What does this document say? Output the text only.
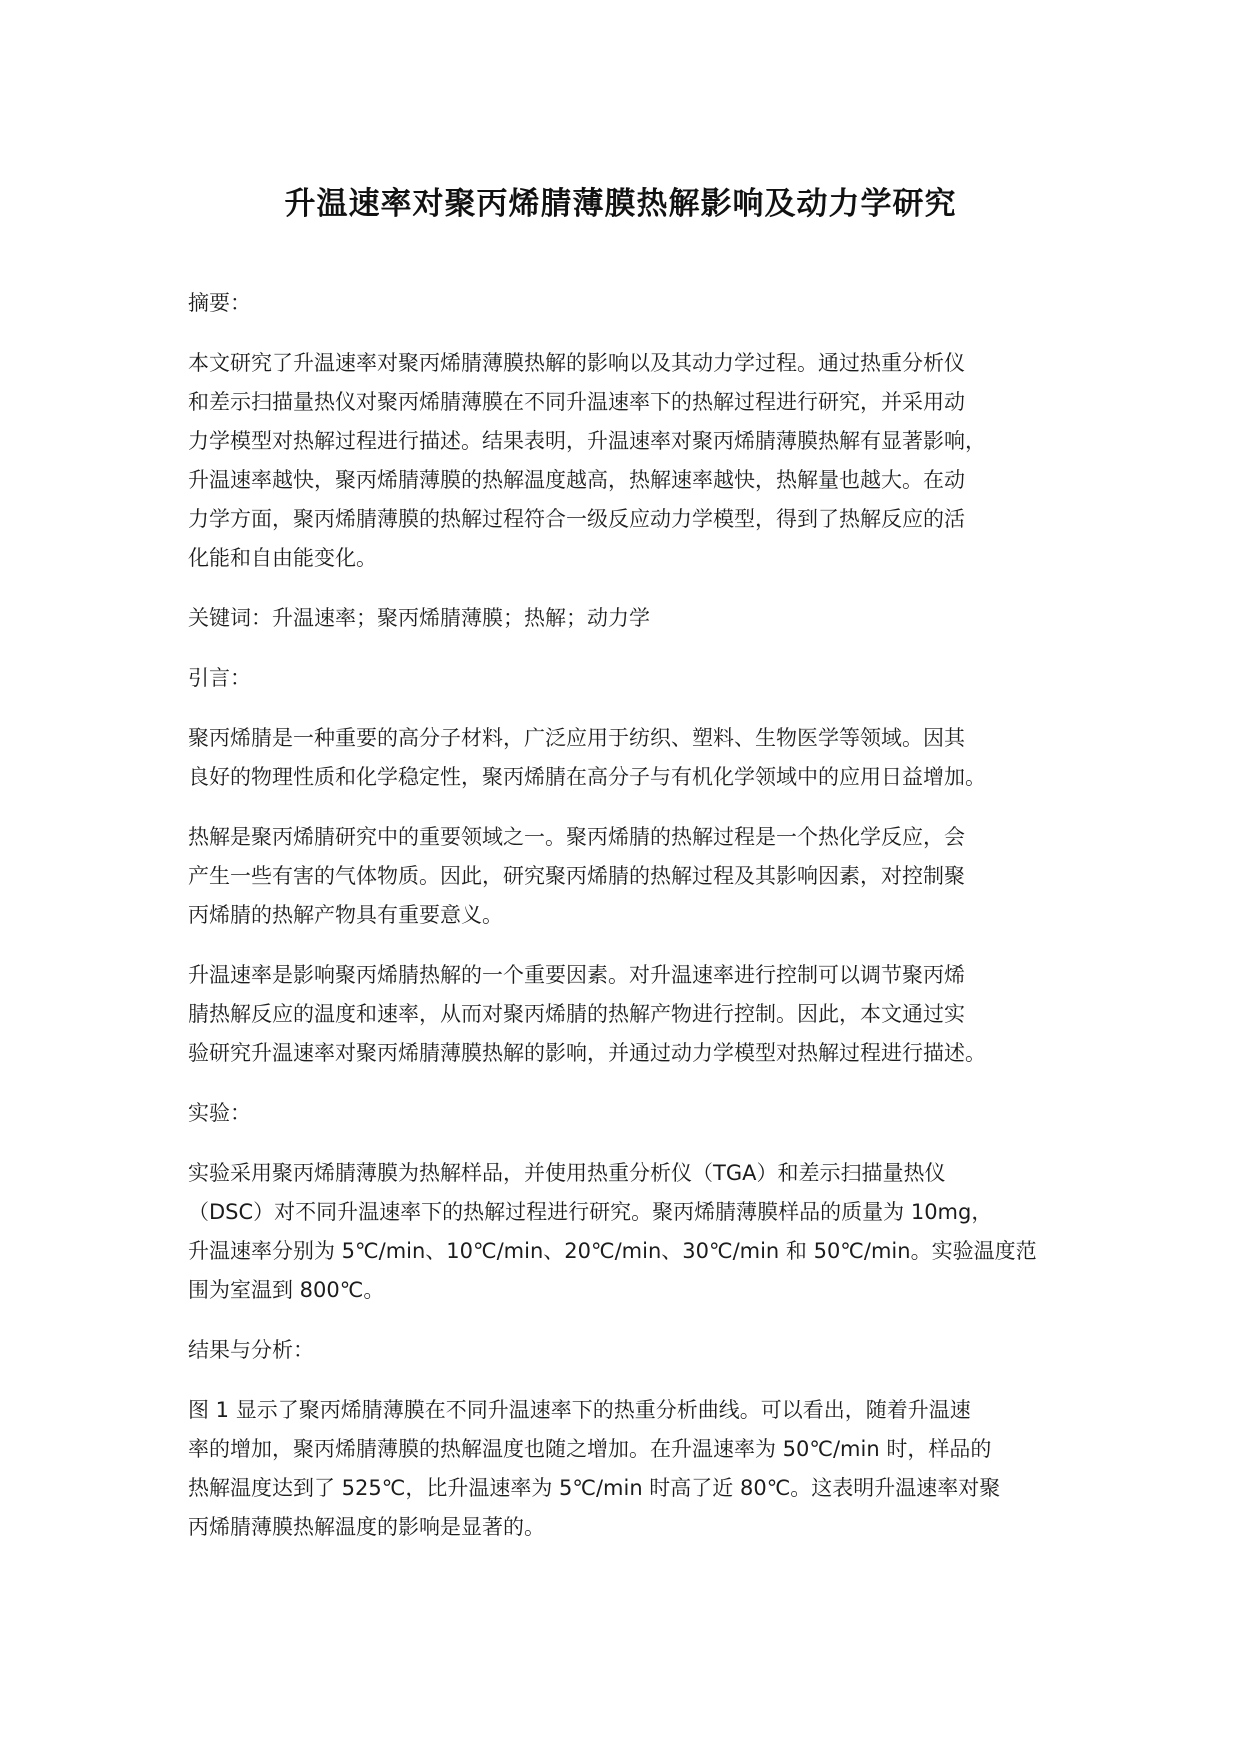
升温速率对聚丙烯腈薄膜热解影响及动力学研究

摘要：

本文研究了升温速率对聚丙烯腈薄膜热解的影响以及其动力学过程。通过热重分析仪
和差示扫描量热仪对聚丙烯腈薄膜在不同升温速率下的热解过程进行研究，并采用动
力学模型对热解过程进行描述。结果表明，升温速率对聚丙烯腈薄膜热解有显著影响，
升温速率越快，聚丙烯腈薄膜的热解温度越高，热解速率越快，热解量也越大。在动
力学方面，聚丙烯腈薄膜的热解过程符合一级反应动力学模型，得到了热解反应的活
化能和自由能变化。

关键词：升温速率；聚丙烯腈薄膜；热解；动力学

引言：

聚丙烯腈是一种重要的高分子材料，广泛应用于纺织、塑料、生物医学等领域。因其
良好的物理性质和化学稳定性，聚丙烯腈在高分子与有机化学领域中的应用日益增加。

热解是聚丙烯腈研究中的重要领域之一。聚丙烯腈的热解过程是一个热化学反应，会
产生一些有害的气体物质。因此，研究聚丙烯腈的热解过程及其影响因素，对控制聚
丙烯腈的热解产物具有重要意义。

升温速率是影响聚丙烯腈热解的一个重要因素。对升温速率进行控制可以调节聚丙烯
腈热解反应的温度和速率，从而对聚丙烯腈的热解产物进行控制。因此，本文通过实
验研究升温速率对聚丙烯腈薄膜热解的影响，并通过动力学模型对热解过程进行描述。

实验：

实验采用聚丙烯腈薄膜为热解样品，并使用热重分析仪（TGA）和差示扫描量热仪
（DSC）对不同升温速率下的热解过程进行研究。聚丙烯腈薄膜样品的质量为 10mg，
升温速率分别为 5℃/min、10℃/min、20℃/min、30℃/min 和 50℃/min。实验温度范
围为室温到 800℃。

结果与分析：

图 1 显示了聚丙烯腈薄膜在不同升温速率下的热重分析曲线。可以看出，随着升温速
率的增加，聚丙烯腈薄膜的热解温度也随之增加。在升温速率为 50℃/min 时，样品的
热解温度达到了 525℃，比升温速率为 5℃/min 时高了近 80℃。这表明升温速率对聚
丙烯腈薄膜热解温度的影响是显著的。
